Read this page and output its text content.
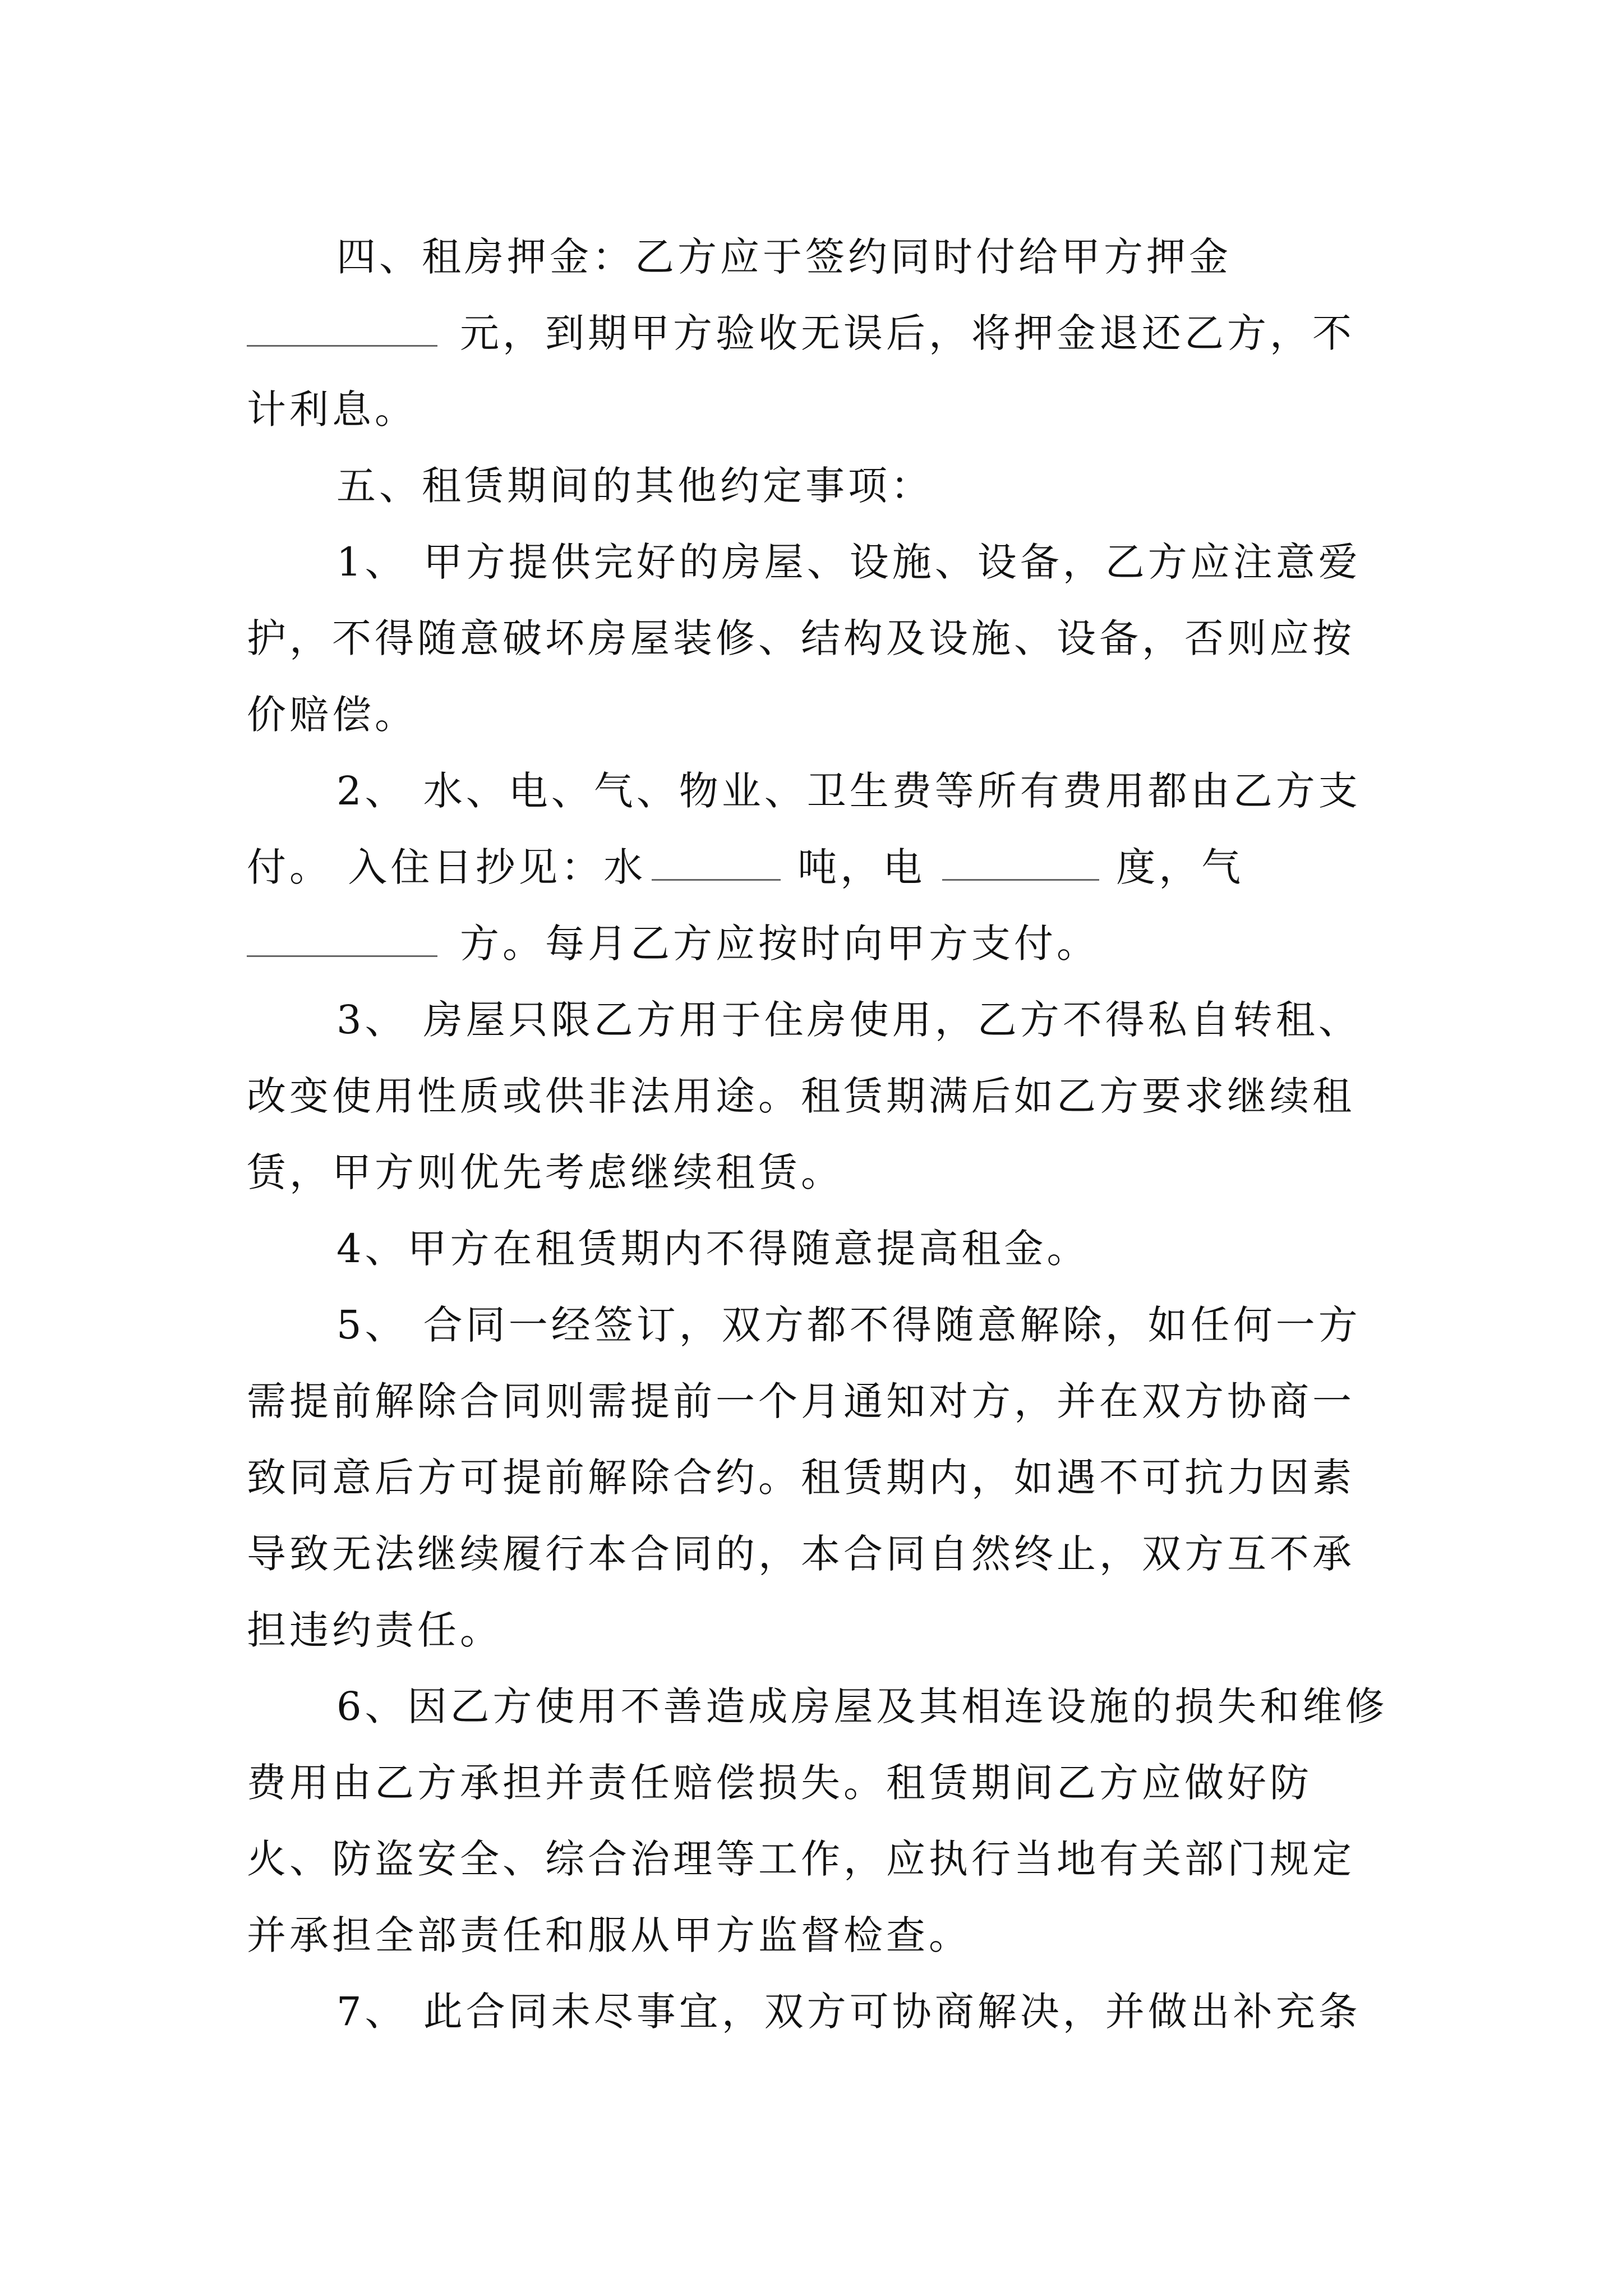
四、租房押金：乙方应于签约同时付给甲方押金元，到期甲方验收无误后，将押金退还乙方，不计利息。

五、租赁期间的其他约定事项：

1、 甲方提供完好的房屋、设施、设备，乙方应注意爱护，不得随意破坏房屋装修、结构及设施、设备，否则应按价赔偿。

2、 水、电、气、物业、卫生费等所有费用都由乙方支付。 入住日抄见：水	吨，电	度，气方。每月乙方应按时向甲方支付。

3、 房屋只限乙方用于住房使用，乙方不得私自转租、改变使用性质或供非法用途。租赁期满后如乙方要求继续租赁，甲方则优先考虑继续租赁。

4、甲方在租赁期内不得随意提高租金。

5、 合同一经签订，双方都不得随意解除，如任何一方需提前解除合同则需提前一个月通知对方，并在双方协商一致同意后方可提前解除合约。租赁期内，如遇不可抗力因素导致无法继续履行本合同的，本合同自然终止，双方互不承担违约责任。

6、因乙方使用不善造成房屋及其相连设施的损失和维修费用由乙方承担并责任赔偿损失。租赁期间乙方应做好防火、防盗安全、综合治理等工作，应执行当地有关部门规定并承担全部责任和服从甲方监督检查。

7、 此合同未尽事宜，双方可协商解决，并做出补充条
